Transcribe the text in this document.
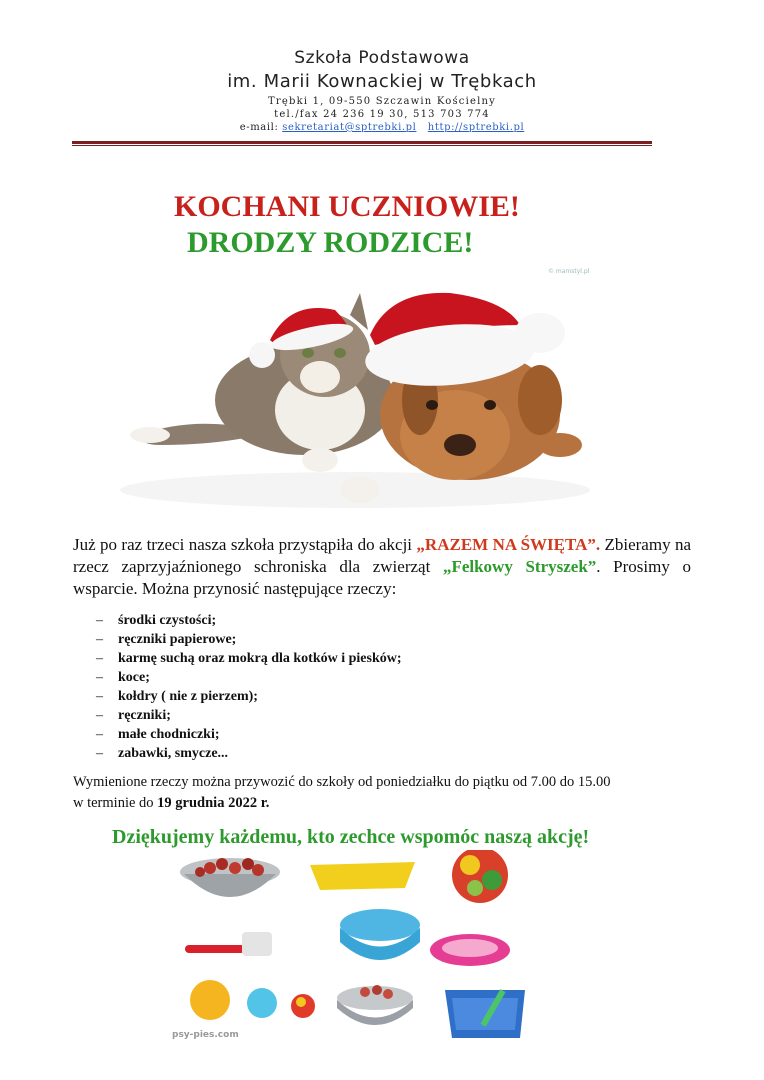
Szkoła Podstawowa
im. Marii Kownackiej w Trębkach
Trębki 1, 09-550 Szczawin Kościelny
tel./fax 24 236 19 30, 513 703 774
e-mail: sekretariat@sptrebki.pl http://sptrebki.pl
KOCHANI UCZNIOWIE!
DRODZY RODZICE!
© mamstyl.pl
Już po raz trzeci nasza szkoła przystąpiła do akcji „RAZEM NA ŚWIĘTA”. Zbieramy na rzecz zaprzyjaźnionego schroniska dla zwierząt „Felkowy Stryszek”. Prosimy o wsparcie. Można przynosić następujące rzeczy:
– środki czystości;
– ręczniki papierowe;
– karmę suchą oraz mokrą dla kotków i piesków;
– koce;
– kołdry ( nie z pierzem);
– ręczniki;
– małe chodniczki;
– zabawki, smycze...
Wymienione rzeczy można przywozić do szkoły od poniedziałku do piątku od 7.00 do 15.00
w terminie do 19 grudnia 2022 r.
Dziękujemy każdemu, kto zechce wspomóc naszą akcję!
psy-pies.com
